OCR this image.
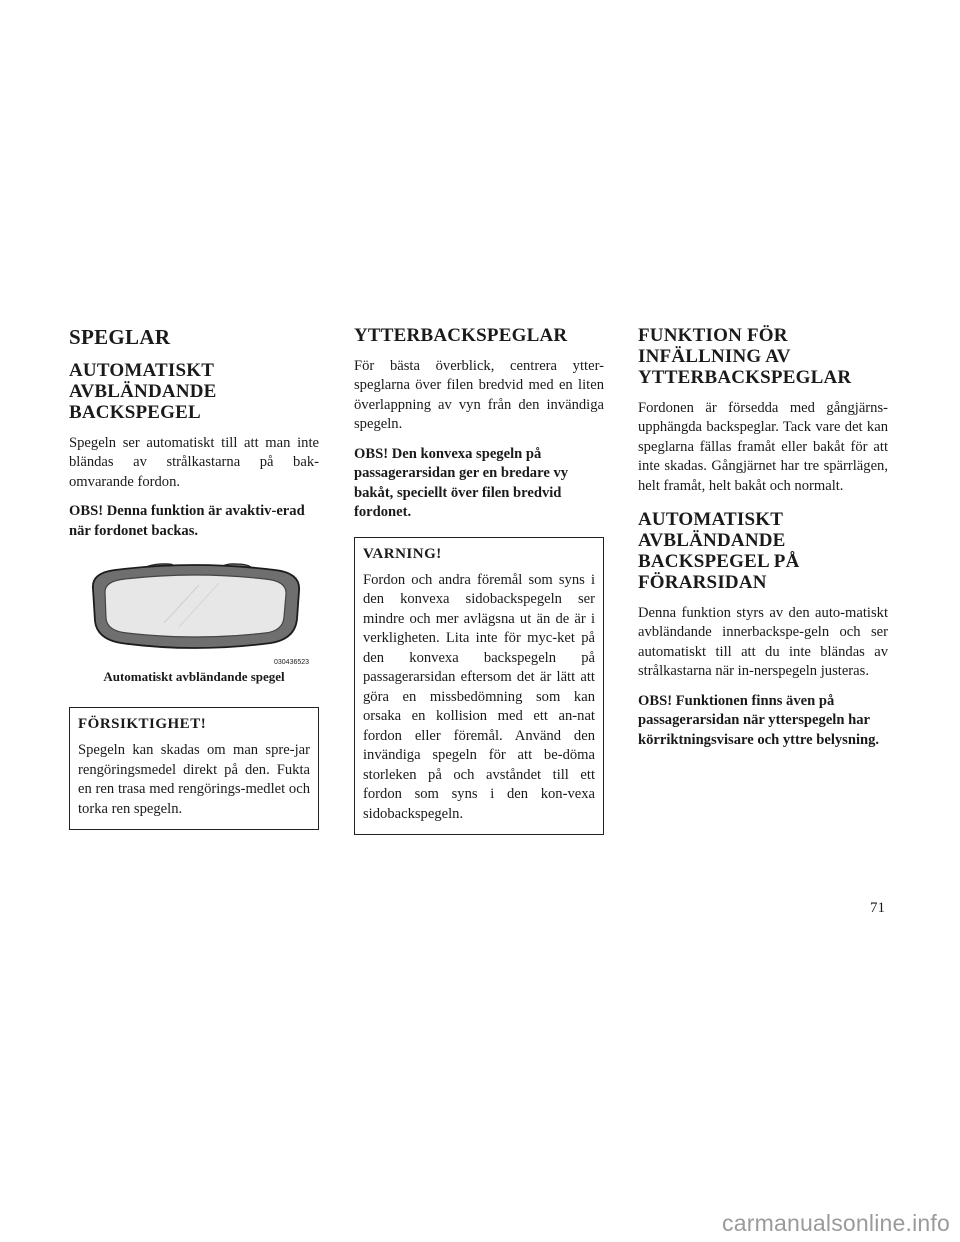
SPEGLAR
AUTOMATISKT
AVBLÄNDANDE
BACKSPEGEL

Spegeln ser automatiskt till att man inte bländas av strålkastarna på bak-omvarande fordon.

OBS! Denna funktion är avaktiv-erad när fordonet backas.

030436523
Automatiskt avbländande spegel
FÖRSIKTIGHET!

Spegeln kan skadas om man spre-jar rengöringsmedel direkt på den. Fukta en ren trasa med rengörings-medlet och torka ren spegeln.

YTTERBACKSPEGLAR

För bästa överblick, centrera ytter-speglarna över filen bredvid med en liten överlappning av vyn från den invändiga spegeln.

OBS! Den konvexa spegeln på passagerarsidan ger en bredare vy bakåt, speciellt över filen bredvid fordonet.

VARNING!

Fordon och andra föremål som syns i den konvexa sidobackspegeln ser mindre och mer avlägsna ut än de är i verkligheten. Lita inte för myc-ket på den konvexa backspegeln på passagerarsidan eftersom det är lätt att göra en missbedömning som kan orsaka en kollision med ett an-nat fordon eller föremål. Använd den invändiga spegeln för att be-döma storleken på och avståndet till ett fordon som syns i den kon-vexa sidobackspegeln.

FUNKTION FÖR
INFÄLLNING AV
YTTERBACKSPEGLAR

Fordonen är försedda med gångjärns-upphängda backspeglar. Tack vare det kan speglarna fällas framåt eller bakåt för att inte skadas. Gångjärnet har tre spärrlägen, helt framåt, helt bakåt och normalt.

AUTOMATISKT
AVBLÄNDANDE
BACKSPEGEL PÅ
FÖRARSIDAN

Denna funktion styrs av den auto-matiskt avbländande innerbackspe-geln och ser automatiskt till att du inte bländas av strålkastarna när in-nerspegeln justeras.

OBS! Funktionen finns även på passagerarsidan när ytterspegeln har körriktningsvisare och yttre belysning.

71
carmanualsonline.info
